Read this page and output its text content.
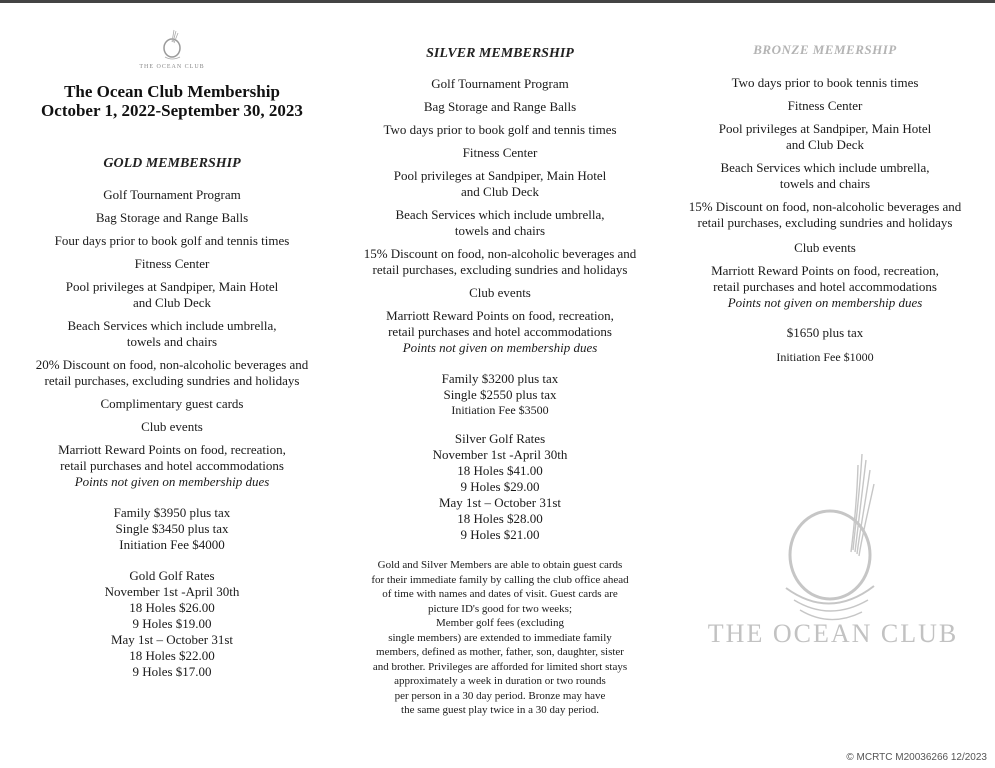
THE OCEAN CLUB

The Ocean Club Membership

October 1, 2022-September 30, 2023

GOLD MEMBERSHIP

Golf Tournament Program

Bag Storage and Range Balls

Four days prior to book golf and tennis times

Fitness Center

Pool privileges at Sandpiper, Main Hotel

and Club Deck

Beach Services which include umbrella,

towels and chairs

20% Discount on food, non-alcoholic beverages and

retail purchases, excluding sundries and holidays

Complimentary guest cards

Club events

Marriott Reward Points on food, recreation,

retail purchases and hotel accommodations

Points not given on membership dues

Family $3950 plus tax

Single $3450 plus tax

Initiation Fee $4000

Gold Golf Rates

November 1st -April 30th

18 Holes $26.00

9 Holes $19.00

May 1st – October 31st

18 Holes $22.00

9 Holes $17.00

SILVER MEMBERSHIP

Golf Tournament Program

Bag Storage and Range Balls

Two days prior to book golf and tennis times

Fitness Center

Pool privileges at Sandpiper, Main Hotel

and Club Deck

Beach Services which include umbrella,

towels and chairs

15% Discount on food, non-alcoholic beverages and

retail purchases, excluding sundries and holidays

Club events

Marriott Reward Points on food, recreation,

retail purchases and hotel accommodations

Points not given on membership dues

Family $3200 plus tax

Single $2550 plus tax

Initiation Fee $3500

Silver Golf Rates

November 1st -April 30th

18 Holes $41.00

9 Holes $29.00

May 1st – October 31st

18 Holes $28.00

9 Holes $21.00

Gold and Silver Members are able to obtain guest cards

for their immediate family by calling the club office ahead

of time with names and dates of visit. Guest cards are

picture ID's good for two weeks;

Member golf fees (excluding

single members) are extended to immediate family

members, defined as mother, father, son, daughter, sister

and brother. Privileges are afforded for limited short stays

approximately a week in duration or two rounds

per person in a 30 day period. Bronze may have

the same guest play twice in a 30 day period.

BRONZE MEMERSHIP

Two days prior to book tennis times

Fitness Center

Pool privileges at Sandpiper, Main Hotel

and Club Deck

Beach Services which include umbrella,

towels and chairs

15% Discount on food, non-alcoholic beverages and

retail purchases, excluding sundries and holidays

Club events

Marriott Reward Points on food, recreation,

retail purchases and hotel accommodations

Points not given on membership dues

$1650 plus tax

Initiation Fee $1000

THE OCEAN CLUB
© MCRTC M20036266 12/2023
